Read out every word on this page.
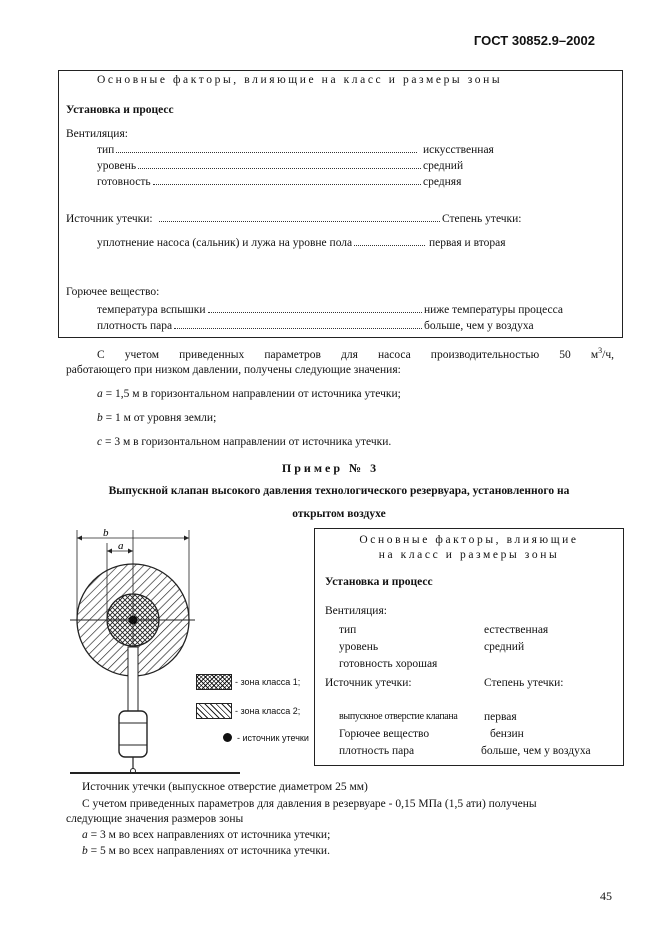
ГОСТ 30852.9–2002
Основные факторы, влияющие на класс и размеры зоны
Установка и процесс
Вентиляция:
тип	искусственная
уровень	средний
готовность	средняя
Источник утечки:	Степень утечки:
уплотнение насоса (сальник) и лужа на уровне пола	первая и вторая
Горючее вещество:
температура вспышки	ниже температуры процесса
плотность пара	больше, чем у воздуха
С учетом приведенных параметров для насоса производительностью 50 $м^3/ч$,
работающего при низком давлении, получены следующие значения:
a = 1,5 м в горизонтальном направлении от источника утечки;
b = 1 м от уровня земли;
c = 3 м в горизонтальном направлении от источника утечки.
Пример № 3
Выпускной клапан высокого давления технологического резервуара, установленного на
открытом воздухе
b
a
- зона класса 1;
- зона класса 2;
- источник утечки
Основные факторы, влияющие
на класс и размеры зоны
Установка и процесс
Вентиляция:
тип	естественная
уровень	средний
готовность хорошая
Источник утечки:	Степень утечки:
выпускное отверстие клапана первая
Горючее вещество	бензин
плотность пара	больше, чем у воздуха
Источник утечки (выпускное отверстие диаметром 25 мм)
С учетом приведенных параметров для давления в резервуаре - 0,15 МПа (1,5 ати) получены
следующие значения размеров зоны
a = 3 м во всех направлениях от источника утечки;
b = 5 м во всех направлениях от источника утечки.
45
